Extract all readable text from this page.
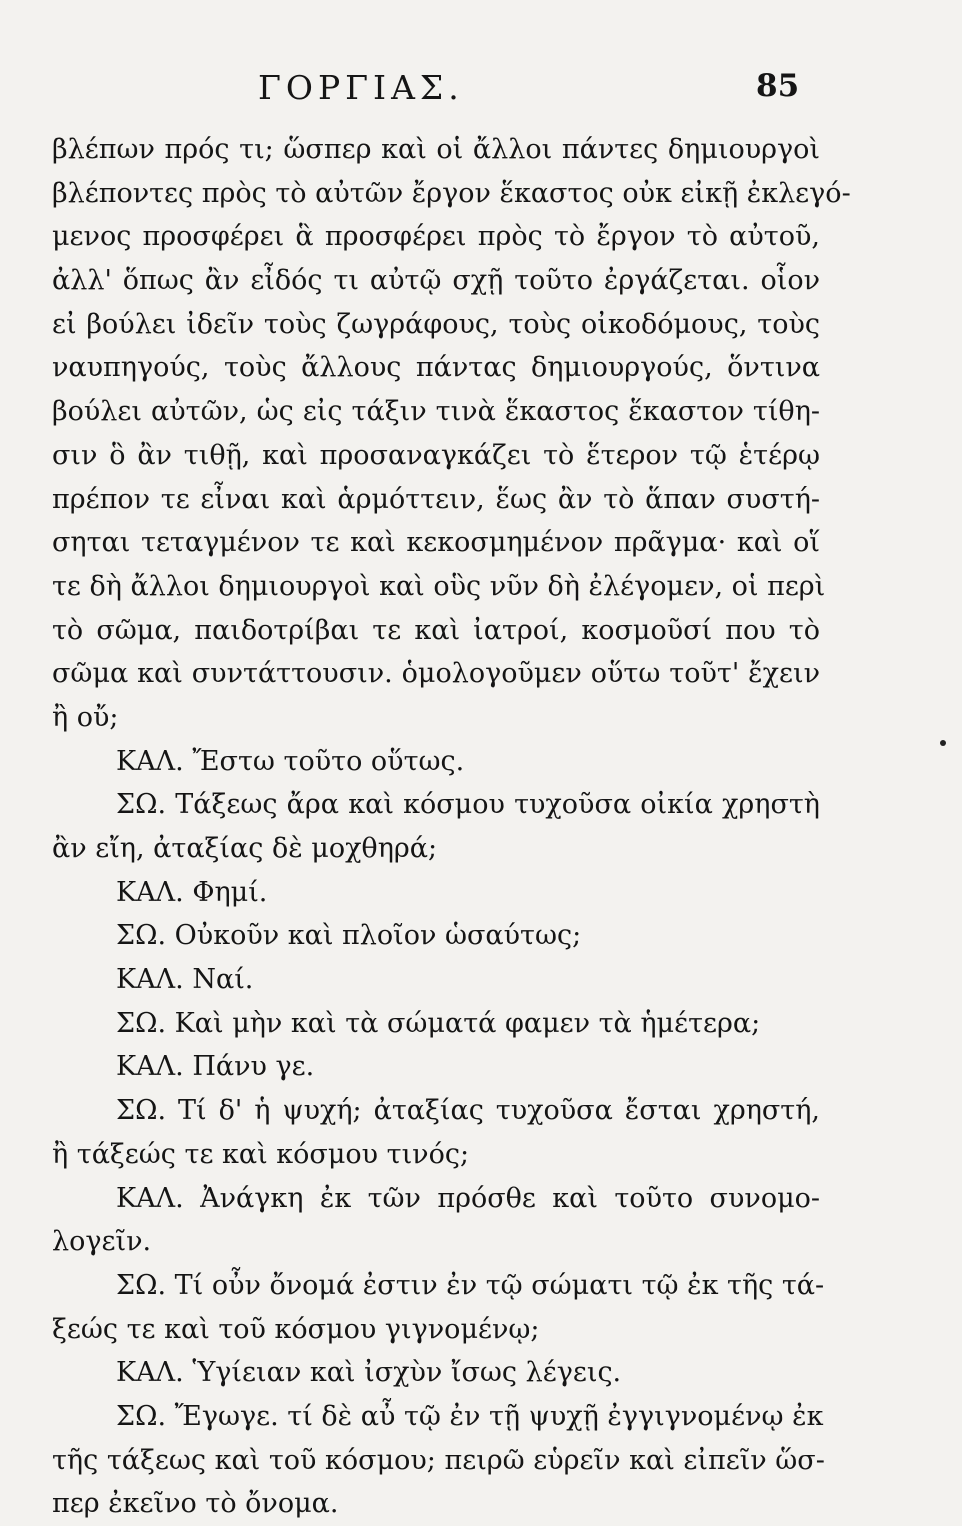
ΓΟΡΓΙΑΣ.	85
βλέπων πρός τι; ὥσπερ καὶ οἱ ἄλλοι πάντες δημιουργοὶ
βλέποντες πρὸς τὸ αὐτῶν ἔργον ἕκαστος οὐκ εἰκῇ ἐκλεγό-
μενος προσφέρει ἃ προσφέρει πρὸς τὸ ἔργον τὸ αὐτοῦ,
ἀλλ' ὅπως ἂν εἶδός τι αὐτῷ σχῇ τοῦτο ἐργάζεται. οἷον
εἰ βούλει ἰδεῖν τοὺς ζωγράφους, τοὺς οἰκοδόμους, τοὺς
ναυπηγούς, τοὺς ἄλλους πάντας δημιουργούς, ὅντινα
βούλει αὐτῶν, ὡς εἰς τάξιν τινὰ ἕκαστος ἕκαστον τίθη-
σιν ὃ ἂν τιθῇ, καὶ προσαναγκάζει τὸ ἕτερον τῷ ἑτέρῳ
πρέπον τε εἶναι καὶ ἁρμόττειν, ἕως ἂν τὸ ἅπαν συστή-
σηται τεταγμένον τε καὶ κεκοσμημένον πρᾶγμα· καὶ οἵ
τε δὴ ἄλλοι δημιουργοὶ καὶ οὓς νῦν δὴ ἐλέγομεν, οἱ περὶ
τὸ σῶμα, παιδοτρίβαι τε καὶ ἰατροί, κοσμοῦσί που τὸ
σῶμα καὶ συντάττουσιν. ὁμολογοῦμεν οὕτω τοῦτ' ἔχειν
ἢ οὔ;
ΚΑΛ. Ἔστω τοῦτο οὕτως.
ΣΩ. Τάξεως ἄρα καὶ κόσμου τυχοῦσα οἰκία χρηστὴ
ἂν εἴη, ἀταξίας δὲ μοχθηρά;
ΚΑΛ. Φημί.
ΣΩ. Οὐκοῦν καὶ πλοῖον ὡσαύτως;
ΚΑΛ. Ναί.
ΣΩ. Καὶ μὴν καὶ τὰ σώματά φαμεν τὰ ἡμέτερα;
ΚΑΛ. Πάνυ γε.
ΣΩ. Τί δ' ἡ ψυχή; ἀταξίας τυχοῦσα ἔσται χρηστή,
ἢ τάξεώς τε καὶ κόσμου τινός;
ΚΑΛ. Ἀνάγκη ἐκ τῶν πρόσθε καὶ τοῦτο συνομο-
λογεῖν.
ΣΩ. Τί οὖν ὄνομά ἐστιν ἐν τῷ σώματι τῷ ἐκ τῆς τά-
ξεώς τε καὶ τοῦ κόσμου γιγνομένῳ;
ΚΑΛ. Ὑγίειαν καὶ ἰσχὺν ἴσως λέγεις.
ΣΩ. Ἔγωγε. τί δὲ αὖ τῷ ἐν τῇ ψυχῇ ἐγγιγνομένῳ ἐκ
τῆς τάξεως καὶ τοῦ κόσμου; πειρῶ εὑρεῖν καὶ εἰπεῖν ὥσ-
περ ἐκεῖνο τὸ ὄνομα.
